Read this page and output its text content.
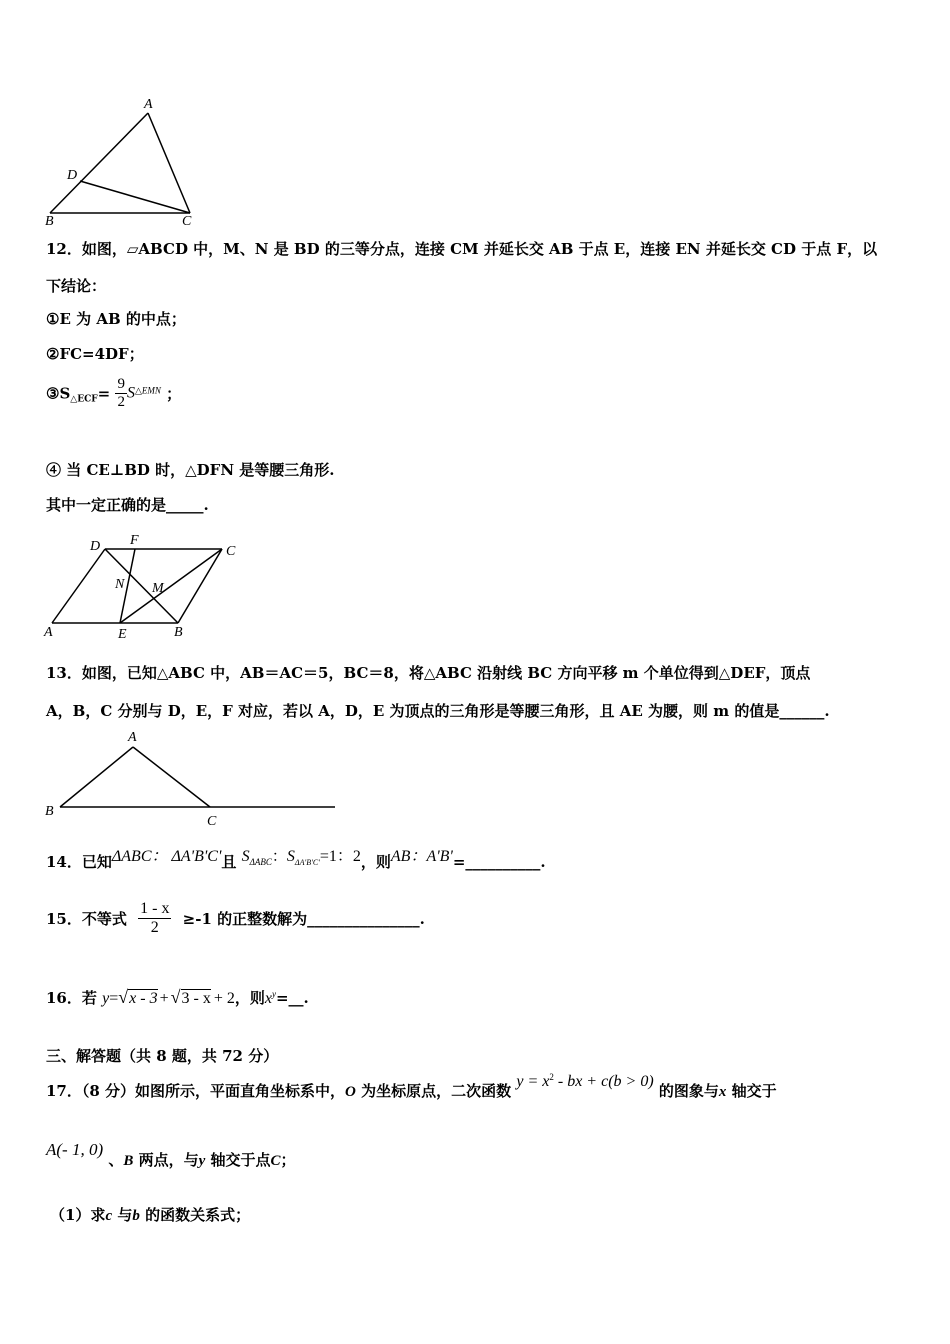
A
D
B	C
12．如图，▱ABCD 中，M、N 是 BD 的三等分点，连接 CM 并延长交 AB 于点 E，连接 EN 并延长交 CD 于点 F，以
下结论：
①E 为 AB 的中点；
②FC=4DF；
$③S_{\triangle ECF}= \frac{9}{2} S_{\triangle EMN}$ ；
④ 当 CE⊥BD 时，△DFN 是等腰三角形.
其中一定正确的是_____.
D F
C
N M
A	E	B
13．如图，已知△ABC 中，AB＝AC＝5，BC＝8，将△ABC 沿射线 BC 方向平移 m 个单位得到△DEF，顶点
A，B，C 分别与 D，E，F 对应，若以 A，D，E 为顶点的三角形是等腰三角形，且 AE 为腰，则 m 的值是______.
A
B
C
14．已知ΔABC： ΔA'B'C'且 $S_{\Delta ABC}$：$S_{\Delta A'B'C'}=1$：2，则AB：A'B'=__________.
15．不等式 $\frac{1 - x}{2} \ge-1$ 的正整数解为_______________.
16．若 y=√x - 3 + √3 - x + 2，则$x^y=\_\_$.
三、解答题（共 8 题，共 72 分）
17．（8 分）如图所示，平面直角坐标系中，O 为坐标原点，二次函数 $y = x^2$ - bx + c(b > 0) 的图象与x 轴交于
A(- 1, 0) 、B 两点，与y 轴交于点C；
（1）求c 与b 的函数关系式；
